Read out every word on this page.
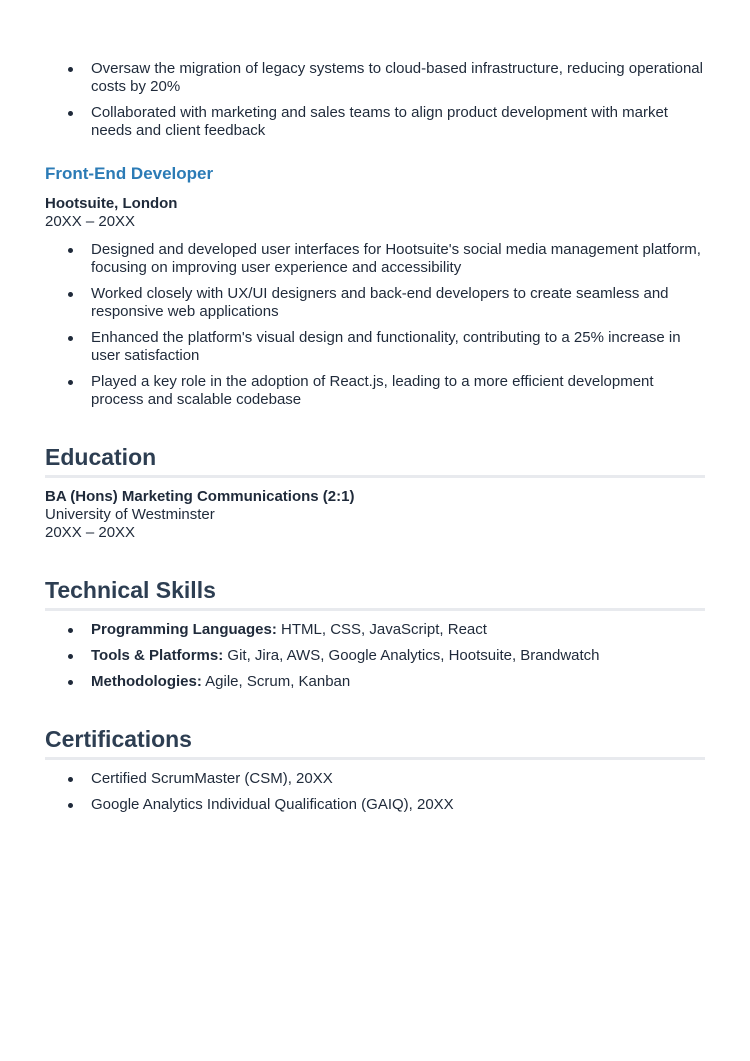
Oversaw the migration of legacy systems to cloud-based infrastructure, reducing operational costs by 20%
Collaborated with marketing and sales teams to align product development with market needs and client feedback
Front-End Developer
Hootsuite, London
20XX – 20XX
Designed and developed user interfaces for Hootsuite's social media management platform, focusing on improving user experience and accessibility
Worked closely with UX/UI designers and back-end developers to create seamless and responsive web applications
Enhanced the platform's visual design and functionality, contributing to a 25% increase in user satisfaction
Played a key role in the adoption of React.js, leading to a more efficient development process and scalable codebase
Education
BA (Hons) Marketing Communications (2:1)
University of Westminster
20XX – 20XX
Technical Skills
Programming Languages: HTML, CSS, JavaScript, React
Tools & Platforms: Git, Jira, AWS, Google Analytics, Hootsuite, Brandwatch
Methodologies: Agile, Scrum, Kanban
Certifications
Certified ScrumMaster (CSM), 20XX
Google Analytics Individual Qualification (GAIQ), 20XX
